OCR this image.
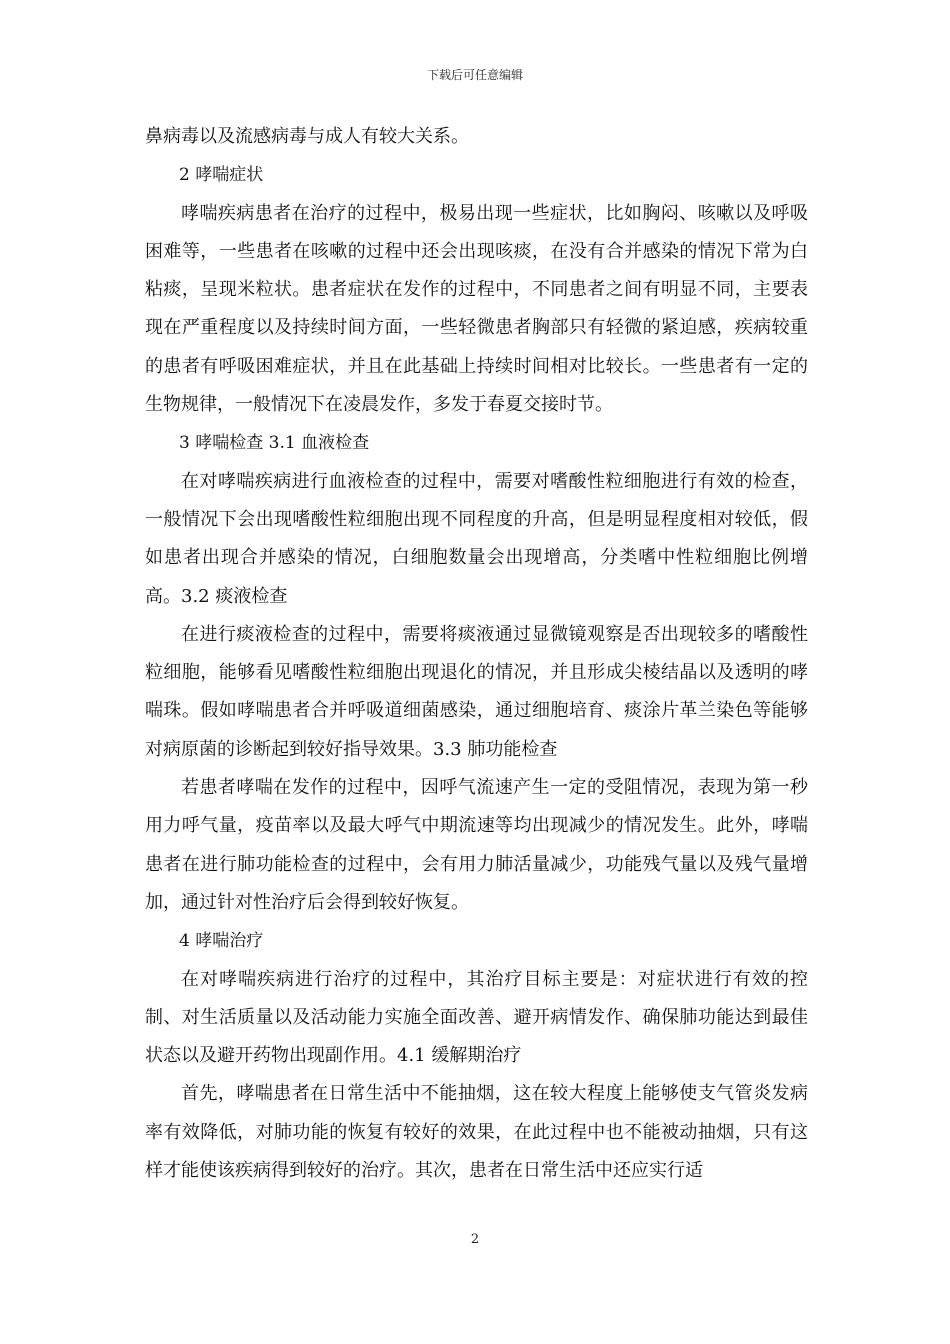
下载后可任意编辑

鼻病毒以及流感病毒与成人有较大关系。

2 哮喘症状

哮喘疾病患者在治疗的过程中，极易出现一些症状，比如胸闷、咳嗽以及呼吸困难等，一些患者在咳嗽的过程中还会出现咳痰，在没有合并感染的情况下常为白粘痰，呈现米粒状。患者症状在发作的过程中，不同患者之间有明显不同，主要表现在严重程度以及持续时间方面，一些轻微患者胸部只有轻微的紧迫感，疾病较重的患者有呼吸困难症状，并且在此基础上持续时间相对比较长。一些患者有一定的生物规律，一般情况下在凌晨发作，多发于春夏交接时节。

3 哮喘检查 3.1 血液检查

在对哮喘疾病进行血液检查的过程中，需要对嗜酸性粒细胞进行有效的检查，一般情况下会出现嗜酸性粒细胞出现不同程度的升高，但是明显程度相对较低，假如患者出现合并感染的情况，白细胞数量会出现增高，分类嗜中性粒细胞比例增高。3.2 痰液检查

在进行痰液检查的过程中，需要将痰液通过显微镜观察是否出现较多的嗜酸性粒细胞，能够看见嗜酸性粒细胞出现退化的情况，并且形成尖棱结晶以及透明的哮喘珠。假如哮喘患者合并呼吸道细菌感染，通过细胞培育、痰涂片革兰染色等能够对病原菌的诊断起到较好指导效果。3.3 肺功能检查

若患者哮喘在发作的过程中，因呼气流速产生一定的受阻情况，表现为第一秒用力呼气量，疫苗率以及最大呼气中期流速等均出现减少的情况发生。此外，哮喘患者在进行肺功能检查的过程中，会有用力肺活量减少，功能残气量以及残气量增加，通过针对性治疗后会得到较好恢复。

4 哮喘治疗

在对哮喘疾病进行治疗的过程中，其治疗目标主要是：对症状进行有效的控制、对生活质量以及活动能力实施全面改善、避开病情发作、确保肺功能达到最佳状态以及避开药物出现副作用。4.1 缓解期治疗

首先，哮喘患者在日常生活中不能抽烟，这在较大程度上能够使支气管炎发病率有效降低，对肺功能的恢复有较好的效果，在此过程中也不能被动抽烟，只有这样才能使该疾病得到较好的治疗。其次，患者在日常生活中还应实行适

2
